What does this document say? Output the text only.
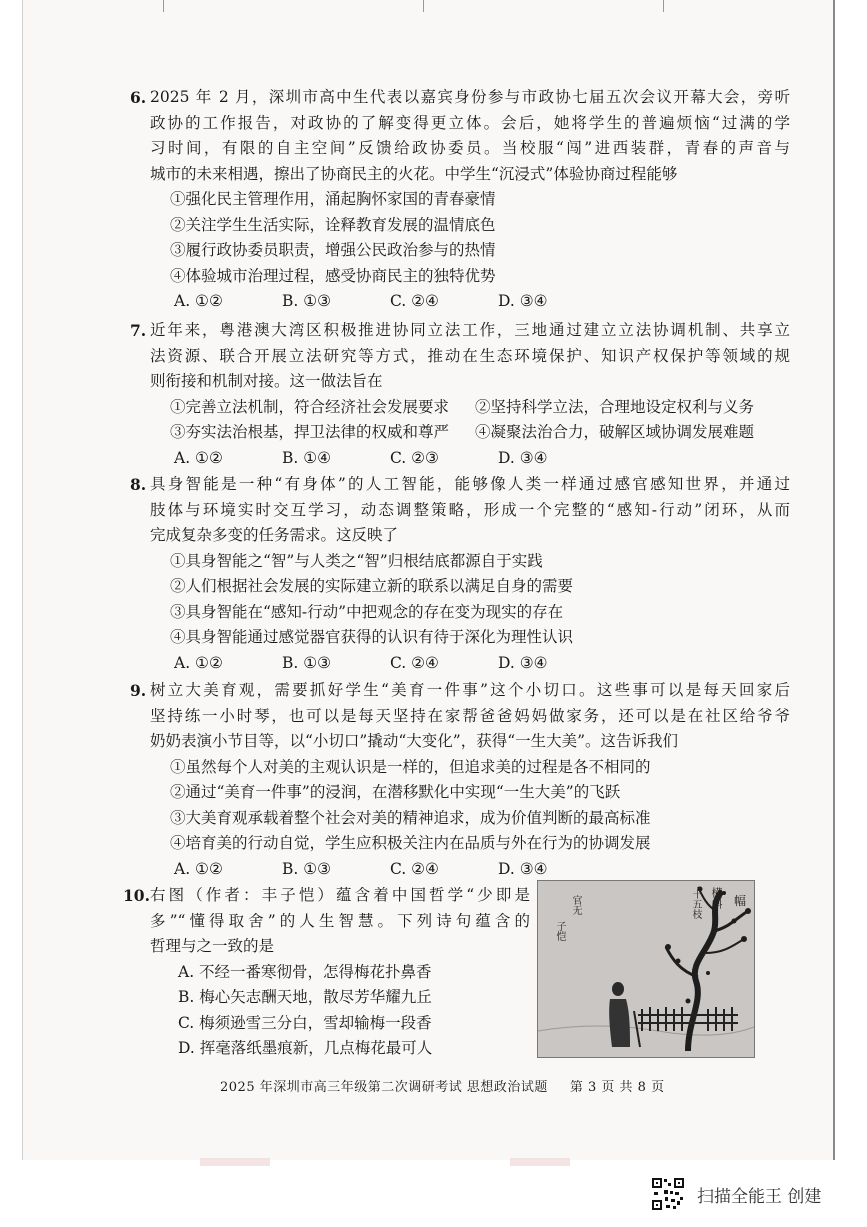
6. 2025 年 2 月，深圳市高中生代表以嘉宾身份参与市政协七届五次会议开幕大会，旁听
政协的工作报告，对政协的了解变得更立体。会后，她将学生的普遍烦恼“过满的学
习时间，有限的自主空间”反馈给政协委员。当校服“闯”进西装群，青春的声音与
城市的未来相遇，擦出了协商民主的火花。中学生“沉浸式”体验协商过程能够
①强化民主管理作用，涌起胸怀家国的青春豪情
②关注学生生活实际，诠释教育发展的温情底色
③履行政协委员职责，增强公民政治参与的热情
④体验城市治理过程，感受协商民主的独特优势
A. ①②	B. ①③	C. ②④	D. ③④
7. 近年来，粤港澳大湾区积极推进协同立法工作，三地通过建立立法协调机制、共享立
法资源、联合开展立法研究等方式，推动在生态环境保护、知识产权保护等领域的规
则衔接和机制对接。这一做法旨在
①完善立法机制，符合经济社会发展要求	②坚持科学立法，合理地设定权利与义务
③夯实法治根基，捍卫法律的权威和尊严	④凝聚法治合力，破解区域协调发展难题
A. ①②	B. ①④	C. ②③	D. ③④
8. 具身智能是一种“有身体”的人工智能，能够像人类一样通过感官感知世界，并通过
肢体与环境实时交互学习，动态调整策略，形成一个完整的“感知-行动”闭环，从而
完成复杂多变的任务需求。这反映了
①具身智能之“智”与人类之“智”归根结底都源自于实践
②人们根据社会发展的实际建立新的联系以满足自身的需要
③具身智能在“感知-行动”中把观念的存在变为现实的存在
④具身智能通过感觉器官获得的认识有待于深化为理性认识
A. ①②	B. ①③	C. ②④	D. ③④
9. 树立大美育观，需要抓好学生“美育一件事”这个小切口。这些事可以是每天回家后
坚持练一小时琴，也可以是每天坚持在家帮爸爸妈妈做家务，还可以是在社区给爷爷
奶奶表演小节目等，以“小切口”撬动“大变化”，获得“一生大美”。这告诉我们
①虽然每个人对美的主观认识是一样的，但追求美的过程是各不相同的
②通过“美育一件事”的浸润，在潜移默化中实现“一生大美”的飞跃
③大美育观承载着整个社会对美的精神追求，成为价值判断的最高标准
④培育美的行动自觉，学生应积极关注内在品质与外在行为的协调发展
A. ①②	B. ①③	C. ②④	D. ③④
10. 右图（作者：丰子恺）蕴含着中国哲学“少即是
多”“懂得取舍”的人生智慧。下列诗句蕴含的
哲理与之一致的是
A. 不经一番寒彻骨，怎得梅花扑鼻香
B. 梅心矢志酬天地，散尽芳华耀九丘
C. 梅须逊雪三分白，雪却输梅一段香
D. 挥毫落纸墨痕新，几点梅花最可人
幅
横斜
十五枝
官无
子恺
2025 年深圳市高三年级第二次调研考试 思想政治试题 第 3 页 共 8 页
扫描全能王 创建
